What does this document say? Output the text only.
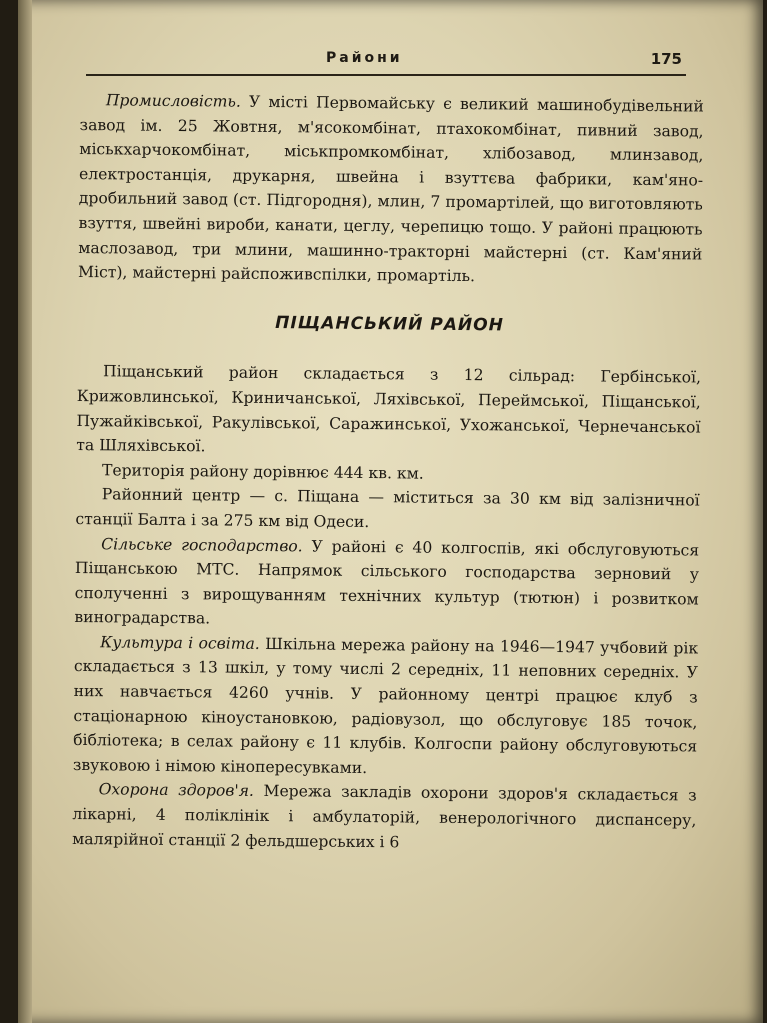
Райони	175

Промисловість. У місті Первомайську є великий машинобудівельний завод ім. 25 Жовтня, м'ясокомбінат, птахокомбінат, пивний завод, міськхарчокомбінат, міськпромкомбінат, хлібозавод, млинзавод, електростанція, друкарня, швейна і взуттєва фабрики, кам'яно-дробильний завод (ст. Підгородня), млин, 7 промартілей, що виготовляють взуття, швейні вироби, канати, цеглу, черепицю тощо. У районі працюють маслозавод, три млини, машинно-тракторні майстерні (ст. Кам'яний Міст), майстерні райспоживспілки, промартіль.

ПІЩАНСЬКИЙ РАЙОН

Піщанський район складається з 12 сільрад: Гербінської, Крижовлинської, Криничанської, Ляхівської, Переймської, Піщанської, Пужайківської, Ракулівської, Саражинської, Ухожанської, Чернечанської та Шляхівської.

Територія району дорівнює 444 кв. км.

Районний центр — с. Піщана — міститься за 30 км від залізничної станції Балта і за 275 км від Одеси.

Сільське господарство. У районі є 40 колгоспів, які обслуговуються Піщанською МТС. Напрямок сільського господарства зерновий у сполученні з вирощуванням технічних культур (тютюн) і розвитком виноградарства.

Культура і освіта. Шкільна мережа району на 1946—1947 учбовий рік складається з 13 шкіл, у тому числі 2 середніх, 11 неповних середніх. У них навчається 4260 учнів. У районному центрі працює клуб з стаціонарною кіноустановкою, радіовузол, що обслуговує 185 точок, бібліотека; в селах району є 11 клубів. Колгоспи району обслуговуються звуковою і німою кінопересувками.

Охорона здоров'я. Мережа закладів охорони здоров'я складається з лікарні, 4 поліклінік і амбулаторій, венерологічного диспансеру, малярійної станції 2 фельдшерських і 6
